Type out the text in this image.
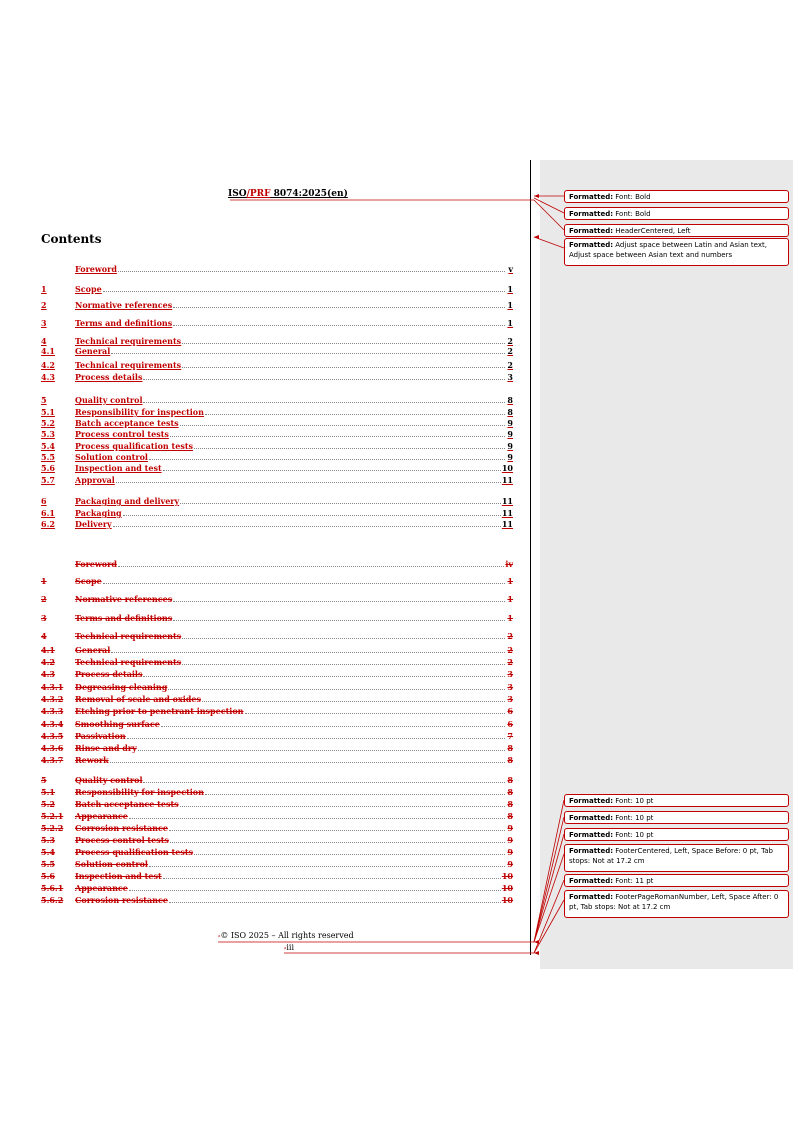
ISO/PRF 8074:2025(en)
Contents
Foreword	v
1	Scope	1
2	Normative references	1
3	Terms and definitions	1
4	Technical requirements	2
4.1	General	2
4.2	Technical requirements	2
4.3	Process details	3
5	Quality control	8
5.1	Responsibility for inspection	8
5.2	Batch acceptance tests	9
5.3	Process control tests	9
5.4	Process qualification tests	9
5.5	Solution control	9
5.6	Inspection and test	10
5.7	Approval	11
6	Packaging and delivery	11
6.1	Packaging	11
6.2	Delivery	11
Foreword	iv
1	Scope	1
2	Normative references	1
3	Terms and definitions	1
4	Technical requirements	2
4.1	General	2
4.2	Technical requirements	2
4.3	Process details	3
4.3.1	Degreasing cleaning	3
4.3.2	Removal of scale and oxides	3
4.3.3	Etching prior to penetrant inspection	6
4.3.4	Smoothing surface	6
4.3.5	Passivation	7
4.3.6	Rinse and dry	8
4.3.7	Rework	8
5	Quality control	8
5.1	Responsibility for inspection	8
5.2	Batch acceptance tests	8
5.2.1	Appearance	8
5.2.2	Corrosion resistance	9
5.3	Process control tests	9
5.4	Process qualification tests	9
5.5	Solution control	9
5.6	Inspection and test	10
5.6.1	Appearance	10
5.6.2	Corrosion resistance	10
⸗© ISO 2025 – All rights reserved
⸗iii
Formatted: Font: Bold
Formatted: Font: Bold
Formatted: HeaderCentered, Left
Formatted: Adjust space between Latin and Asian text, Adjust space between Asian text and numbers
Formatted: Font: 10 pt
Formatted: Font: 10 pt
Formatted: Font: 10 pt
Formatted: FooterCentered, Left, Space Before: 0 pt, Tab stops: Not at 17.2 cm
Formatted: Font: 11 pt
Formatted: FooterPageRomanNumber, Left, Space After: 0 pt, Tab stops: Not at 17.2 cm
